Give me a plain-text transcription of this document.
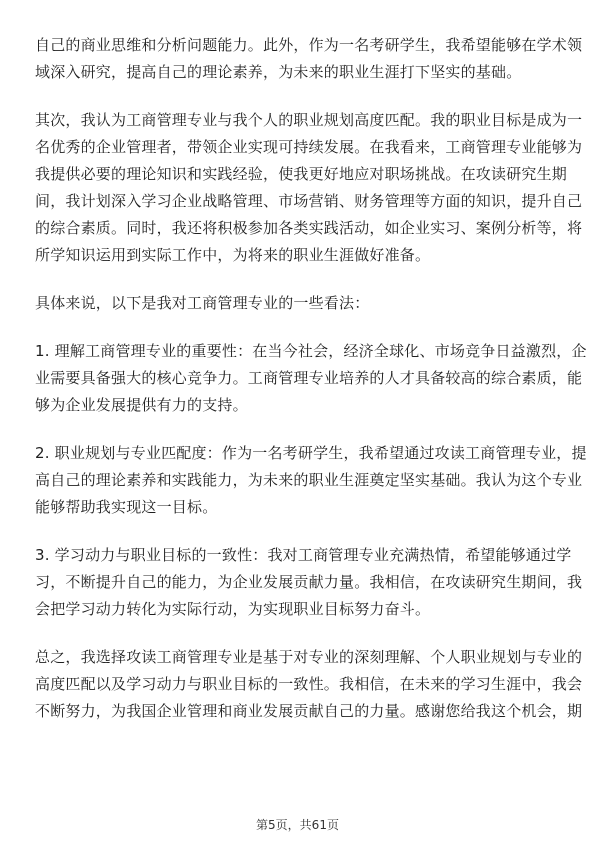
自己的商业思维和分析问题能力。此外，作为一名考研学生，我希望能够在学术领
域深入研究，提高自己的理论素养，为未来的职业生涯打下坚实的基础。

其次，我认为工商管理专业与我个人的职业规划高度匹配。我的职业目标是成为一
名优秀的企业管理者，带领企业实现可持续发展。在我看来，工商管理专业能够为
我提供必要的理论知识和实践经验，使我更好地应对职场挑战。在攻读研究生期
间，我计划深入学习企业战略管理、市场营销、财务管理等方面的知识，提升自己
的综合素质。同时，我还将积极参加各类实践活动，如企业实习、案例分析等，将
所学知识运用到实际工作中，为将来的职业生涯做好准备。

具体来说，以下是我对工商管理专业的一些看法：

1. 理解工商管理专业的重要性：在当今社会，经济全球化、市场竞争日益激烈，企
业需要具备强大的核心竞争力。工商管理专业培养的人才具备较高的综合素质，能
够为企业发展提供有力的支持。

2. 职业规划与专业匹配度：作为一名考研学生，我希望通过攻读工商管理专业，提
高自己的理论素养和实践能力，为未来的职业生涯奠定坚实基础。我认为这个专业
能够帮助我实现这一目标。

3. 学习动力与职业目标的一致性：我对工商管理专业充满热情，希望能够通过学
习，不断提升自己的能力，为企业发展贡献力量。我相信，在攻读研究生期间，我
会把学习动力转化为实际行动，为实现职业目标努力奋斗。

总之，我选择攻读工商管理专业是基于对专业的深刻理解、个人职业规划与专业的
高度匹配以及学习动力与职业目标的一致性。我相信，在未来的学习生涯中，我会
不断努力，为我国企业管理和商业发展贡献自己的力量。感谢您给我这个机会，期

第5页，共61页
